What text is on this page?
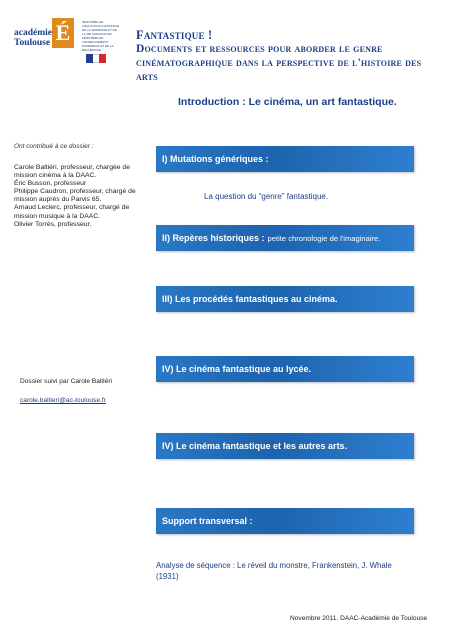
académie
Toulouse É	MINISTÈRE DE L'ÉDUCATION NATIONALE DE LA JEUNESSE ET DE LA VIE ASSOCIATIVE MINISTÈRE DE L'ENSEIGNEMENT SUPÉRIEUR ET DE LA RECHERCHE
Fantastique !
Documents et ressources pour aborder le genre cinématographique dans la perspective de l'histoire des arts
Introduction : Le cinéma, un art fantastique.
Ont contribué à ce dossier :
Carole Baltiéri, professeur, chargée de mission cinéma à la DAAC.
Éric Busson, professeur
Philippe Caudron, professeur, chargé de mission auprès du Parvis 65.
Arnaud Leclerc, professeur, chargé de mission musique à la DAAC.
Olivier Torrès, professeur.
Dossier suivi par Carole Baltiéri
carole.baltieri@ac-toulouse.fr
I) Mutations génériques :
La question du “genre” fantastique.
II) Repères historiques : petite chronologie de l'imaginaire.
III) Les procédés fantastiques au cinéma.
IV) Le cinéma fantastique au lycée.
IV) Le cinéma fantastique et les autres arts.
Support transversal :
Analyse de séquence : Le réveil du monstre, Frankenstein, J. Whale (1931)
Novembre 2011. DAAC-Académie de Toulouse
